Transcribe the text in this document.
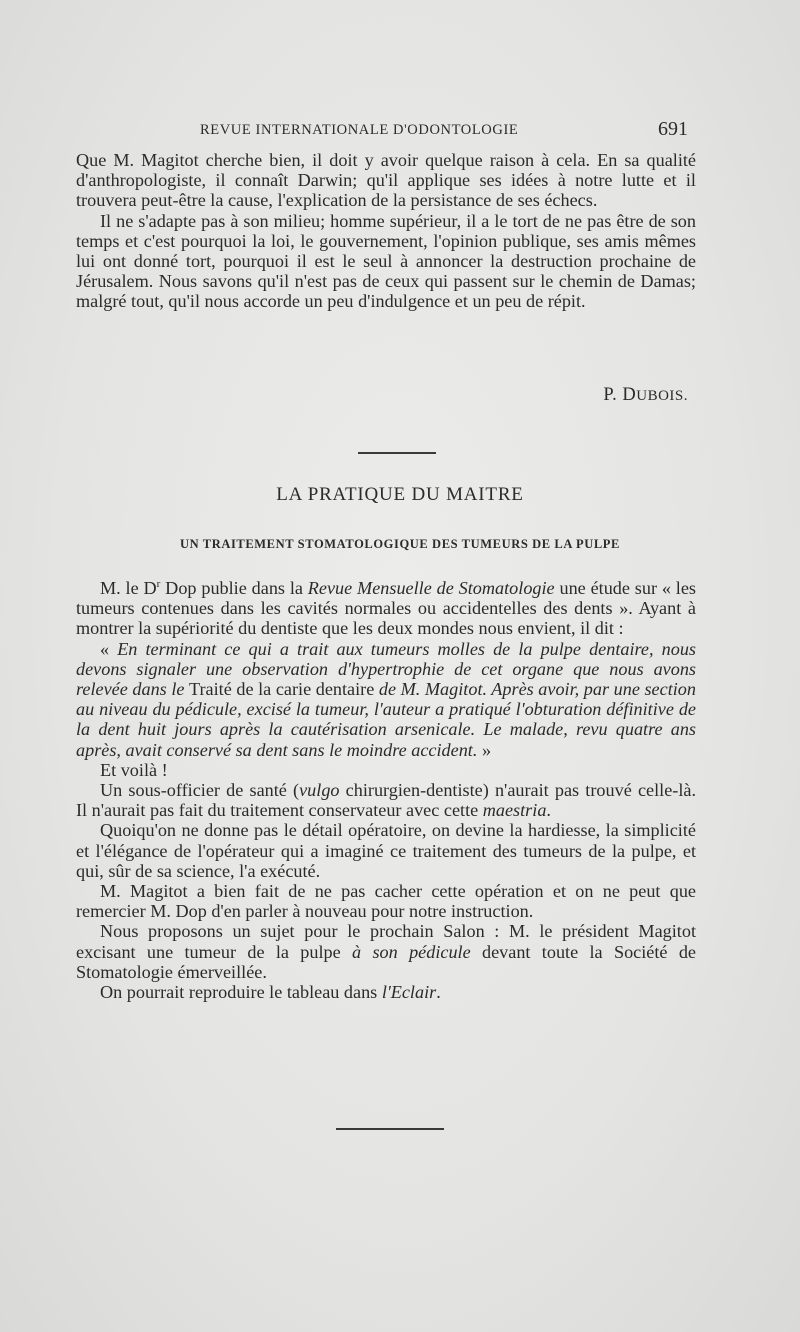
REVUE INTERNATIONALE D'ODONTOLOGIE	691

Que M. Magitot cherche bien, il doit y avoir quelque raison à cela. En sa qualité d'anthropologiste, il connaît Darwin; qu'il applique ses idées à notre lutte et il trouvera peut-être la cause, l'explication de la persistance de ses échecs.

Il ne s'adapte pas à son milieu; homme supérieur, il a le tort de ne pas être de son temps et c'est pourquoi la loi, le gouvernement, l'opinion publique, ses amis mêmes lui ont donné tort, pourquoi il est le seul à annoncer la destruction prochaine de Jérusalem. Nous savons qu'il n'est pas de ceux qui passent sur le chemin de Damas; malgré tout, qu'il nous accorde un peu d'indulgence et un peu de répit.

P. DUBOIS.
LA PRATIQUE DU MAITRE
UN TRAITEMENT STOMATOLOGIQUE DES TUMEURS DE LA PULPE

M. le $D^r$ Dop publie dans la Revue Mensuelle de Stomatologie une étude sur « les tumeurs contenues dans les cavités normales ou accidentelles des dents ». Ayant à montrer la supériorité du dentiste que les deux mondes nous envient, il dit :

« En terminant ce qui a trait aux tumeurs molles de la pulpe dentaire, nous devons signaler une observation d'hypertrophie de cet organe que nous avons relevée dans le Traité de la carie dentaire de M. Magitot. Après avoir, par une section au niveau du pédicule, excisé la tumeur, l'auteur a pratiqué l'obturation définitive de la dent huit jours après la cautérisation arsenicale. Le malade, revu quatre ans après, avait conservé sa dent sans le moindre accident. »

Et voilà !

Un sous-officier de santé (vulgo chirurgien-dentiste) n'aurait pas trouvé celle-là. Il n'aurait pas fait du traitement conservateur avec cette maestria.

Quoiqu'on ne donne pas le détail opératoire, on devine la hardiesse, la simplicité et l'élégance de l'opérateur qui a imaginé ce traitement des tumeurs de la pulpe, et qui, sûr de sa science, l'a exécuté.

M. Magitot a bien fait de ne pas cacher cette opération et on ne peut que remercier M. Dop d'en parler à nouveau pour notre instruction.

Nous proposons un sujet pour le prochain Salon : M. le président Magitot excisant une tumeur de la pulpe à son pédicule devant toute la Société de Stomatologie émerveillée.

On pourrait reproduire le tableau dans l'Eclair.
